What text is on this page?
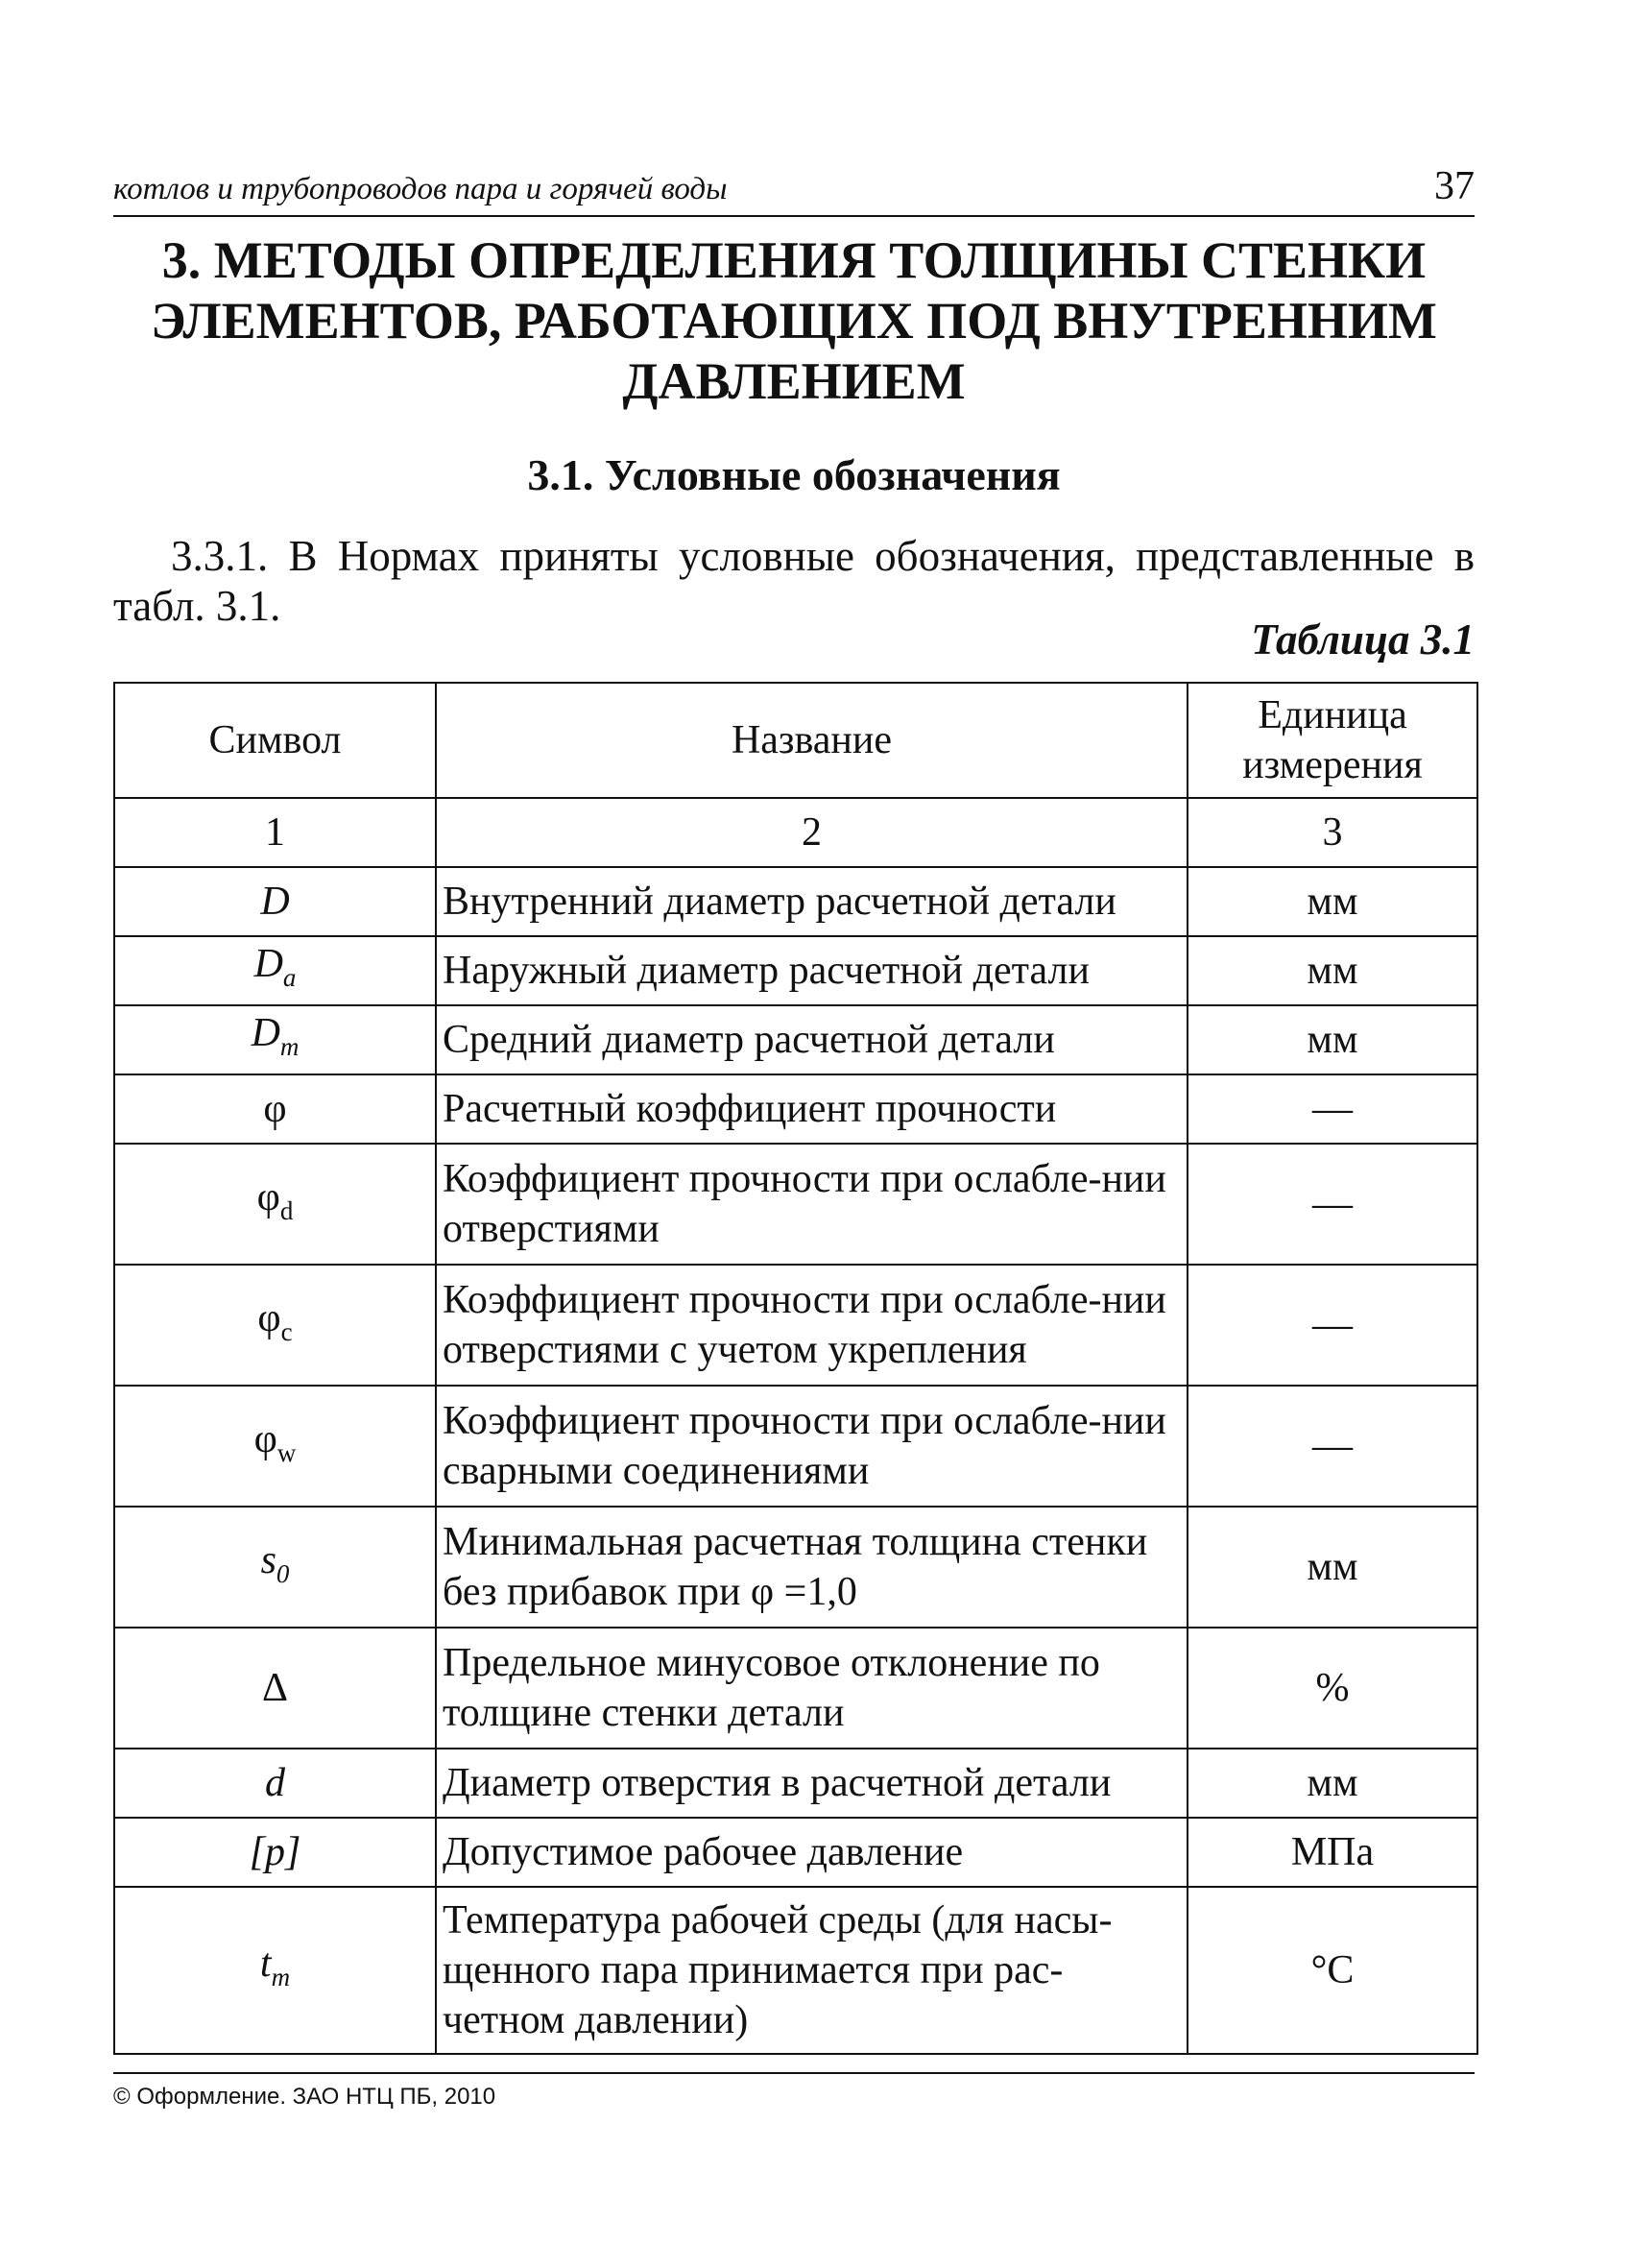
котлов и трубопроводов пара и горячей воды	37
3. МЕТОДЫ ОПРЕДЕЛЕНИЯ ТОЛЩИНЫ СТЕНКИ ЭЛЕМЕНТОВ, РАБОТАЮЩИХ ПОД ВНУТРЕННИМ ДАВЛЕНИЕМ
3.1. Условные обозначения
3.3.1. В Нормах приняты условные обозначения, представленные в табл. 3.1.
Таблица 3.1
Символ	Название	Единица измерения
1	2	3
D	Внутренний диаметр расчетной детали	мм
$D_a$	Наружный диаметр расчетной детали	мм
$D_m$	Средний диаметр расчетной детали	мм
φ	Расчетный коэффициент прочности	—
$\varphi_d$	Коэффициент прочности при ослабле-нии отверстиями	—
$\varphi_c$	Коэффициент прочности при ослабле-нии отверстиями с учетом укрепления	—
$\varphi_w$	Коэффициент прочности при ослабле-нии сварными соединениями	—
$s_0$	Минимальная расчетная толщина стенки без прибавок при φ =1,0	мм
Δ	Предельное минусовое отклонение по толщине стенки детали	%
d	Диаметр отверстия в расчетной детали	мм
[p]	Допустимое рабочее давление	МПа
$t_m$	Температура рабочей среды (для насы-щенного пара принимается при рас-четном давлении)	°С
© Оформление. ЗАО НТЦ ПБ, 2010
